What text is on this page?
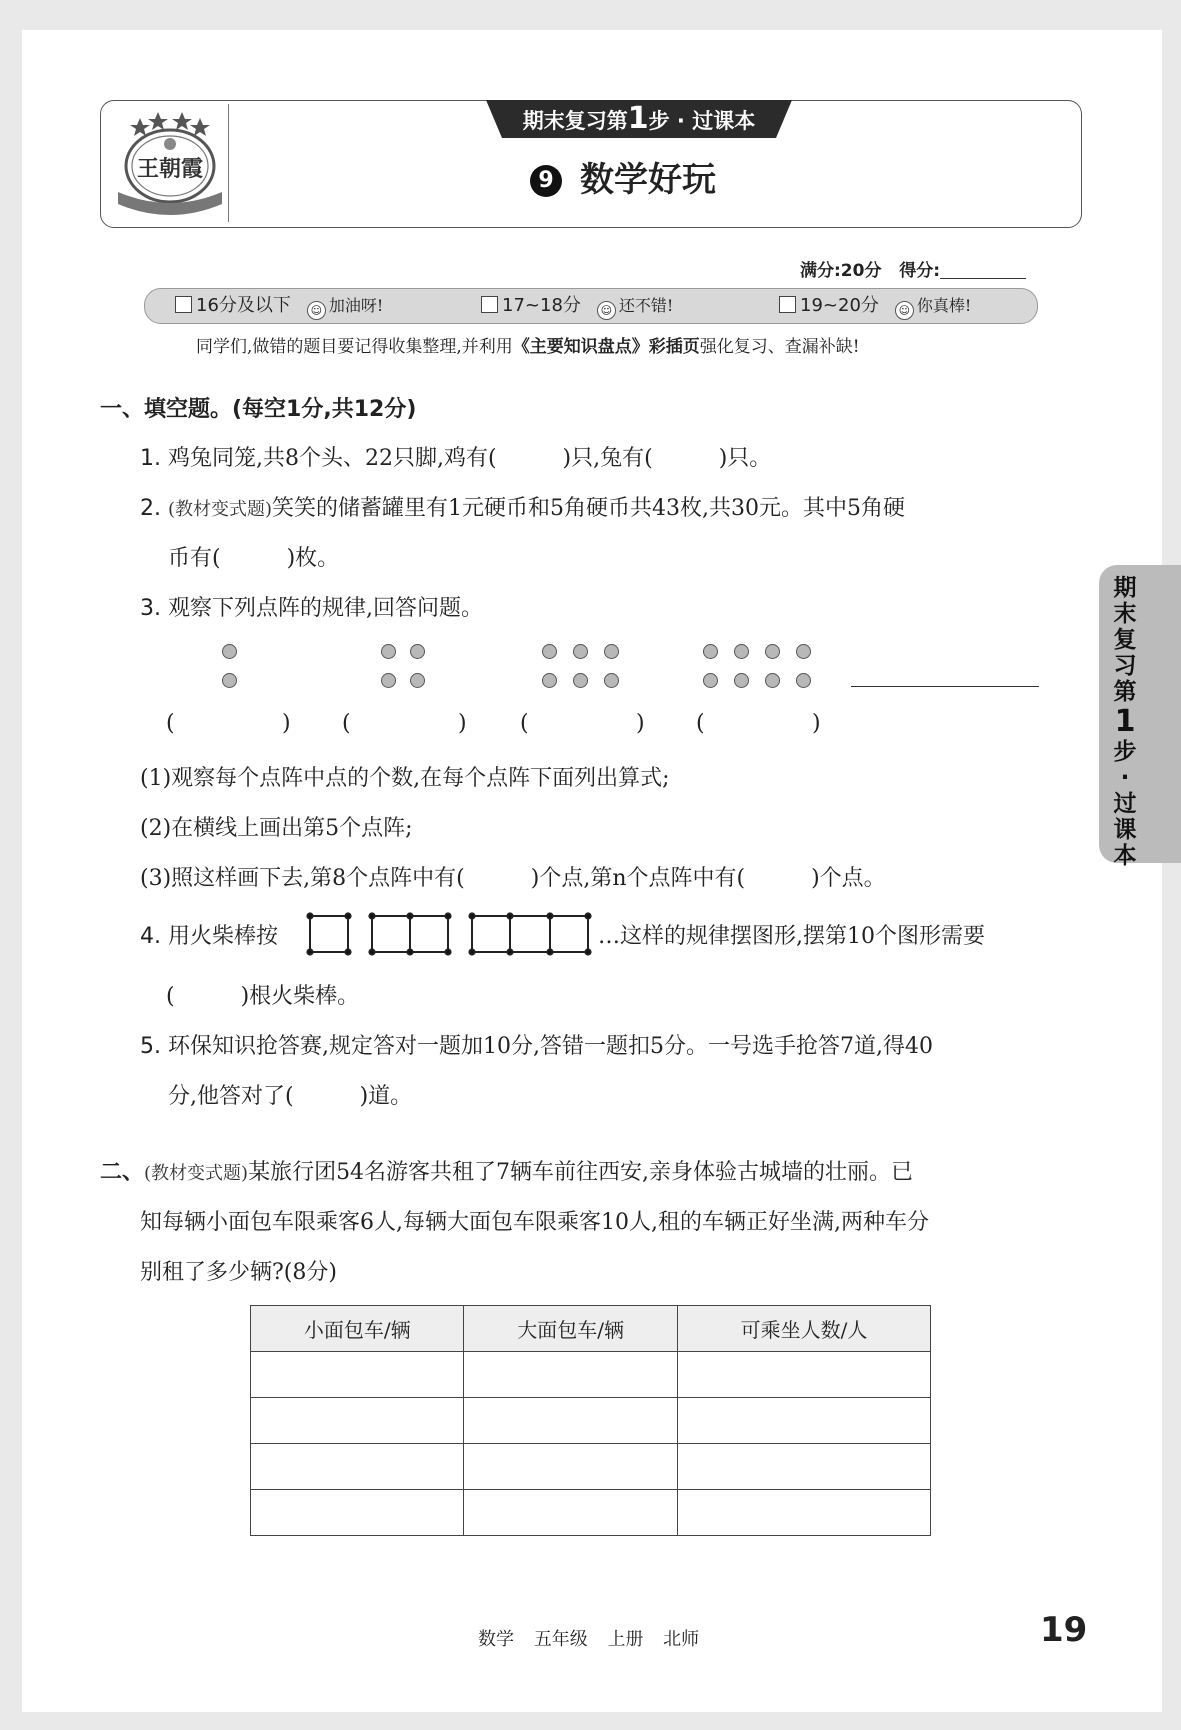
王朝霞
期末复习第1步 · 过课本
9 数学好玩
满分:20分 得分:
16分及以下 ☺ 加油呀!	17~18分 ☺ 还不错!	19~20分 ☺ 你真棒!
同学们,做错的题目要记得收集整理,并利用《主要知识盘点》彩插页强化复习、查漏补缺!
一、填空题。(每空1分,共12分)
1. 鸡兔同笼,共8个头、22只脚,鸡有(　　　)只,兔有(　　　)只。
2. (教材变式题)笑笑的储蓄罐里有1元硬币和5角硬币共43枚,共30元。其中5角硬
币有(　　　)枚。
3. 观察下列点阵的规律,回答问题。
(	) (	) (	) (	)
(1)观察每个点阵中点的个数,在每个点阵下面列出算式;
(2)在横线上画出第5个点阵;
(3)照这样画下去,第8个点阵中有(　　　)个点,第n个点阵中有(　　　)个点。
4. 用火柴棒按	…这样的规律摆图形,摆第10个图形需要
(　　　)根火柴棒。
5. 环保知识抢答赛,规定答对一题加10分,答错一题扣5分。一号选手抢答7道,得40
分,他答对了(　　　)道。
二、(教材变式题)某旅行团54名游客共租了7辆车前往西安,亲身体验古城墙的壮丽。已
知每辆小面包车限乘客6人,每辆大面包车限乘客10人,租的车辆正好坐满,两种车分
别租了多少辆?(8分)
小面包车/辆	大面包车/辆	可乘坐人数/人

期末复习第
1
步·过课本
数学 五年级 上册 北师	19
